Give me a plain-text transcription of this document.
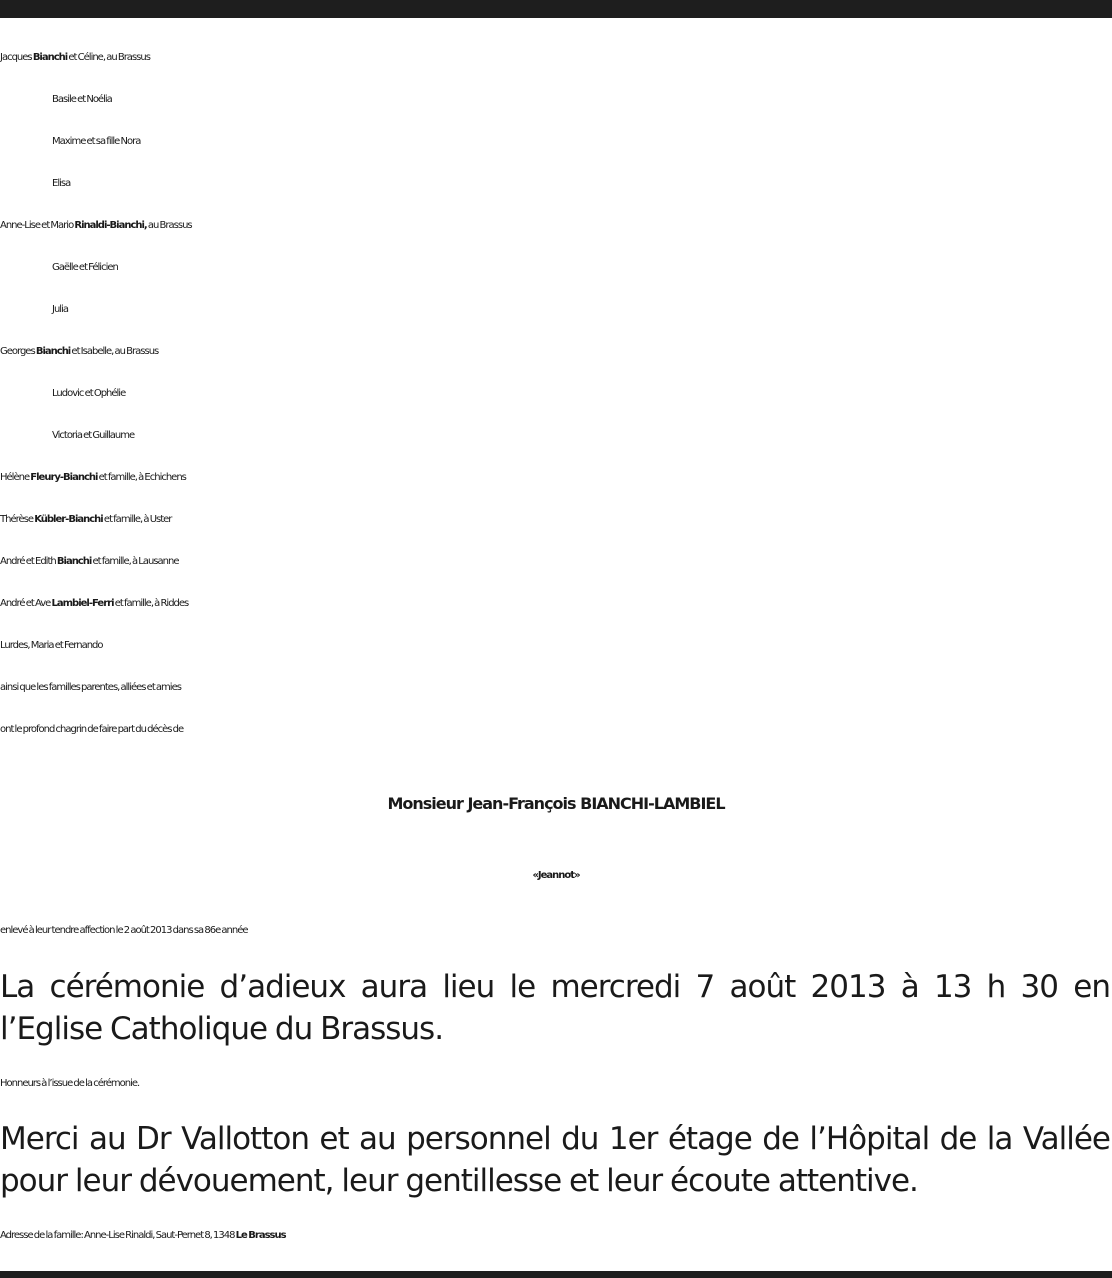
Jacques Bianchi et Céline, au Brassus
Basile et Noélia
Maxime et sa fille Nora
Elisa
Anne-Lise et Mario Rinaldi-Bianchi, au Brassus
Gaëlle et Félicien
Julia
Georges Bianchi et Isabelle, au Brassus
Ludovic et Ophélie
Victoria et Guillaume
Hélène Fleury-Bianchi et famille, à Echichens
Thérèse Kübler-Bianchi et famille, à Uster
André et Edith Bianchi et famille, à Lausanne
André et Ave Lambiel-Ferri et famille, à Riddes
Lurdes, Maria et Fernando
ainsi que les familles parentes, alliées et amies
ont le profond chagrin de faire part du décès de
Monsieur Jean-François BIANCHI-LAMBIEL
«Jeannot»
enlevé à leur tendre affection le 2 août 2013 dans sa 86e année
La cérémonie d’adieux aura lieu le mercredi 7 août 2013 à 13 h 30 en l’Eglise Catholique du Brassus.
Honneurs à l’issue de la cérémonie.
Merci au Dr Vallotton et au personnel du 1er étage de l’Hôpital de la Vallée pour leur dévouement, leur gentillesse et leur écoute attentive.
Adresse de la famille: Anne-Lise Rinaldi, Saut-Pernet 8, 1348 Le Brassus
